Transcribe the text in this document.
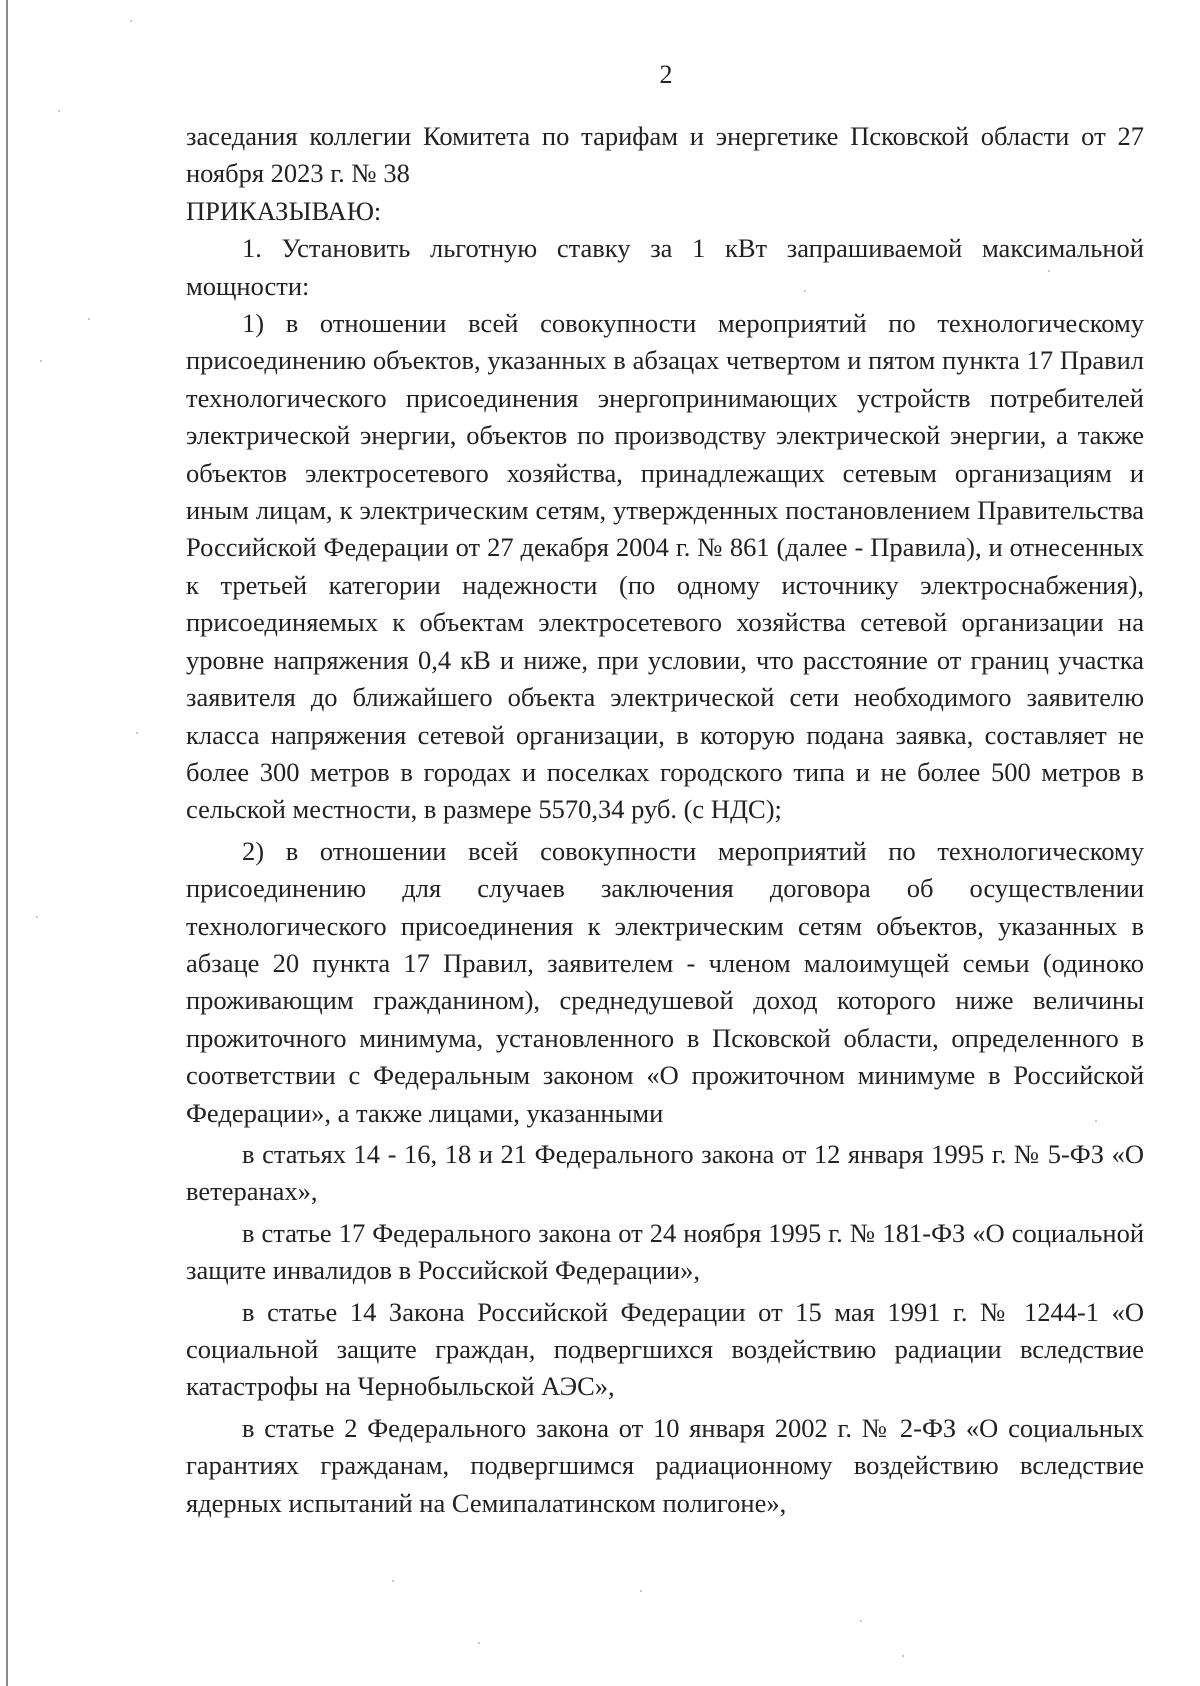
2

заседания коллегии Комитета по тарифам и энергетике Псковской области от 27 ноября 2023 г. № 38

ПРИКАЗЫВАЮ:

1. Установить льготную ставку за 1 кВт запрашиваемой максимальной мощности:

1) в отношении всей совокупности мероприятий по технологическому присоединению объектов, указанных в абзацах четвертом и пятом пункта 17 Правил технологического присоединения энергопринимающих устройств потребителей электрической энергии, объектов по производству электрической энергии, а также объектов электросетевого хозяйства, принадлежащих сетевым организациям и иным лицам, к электрическим сетям, утвержденных постановлением Правительства Российской Федерации от 27 декабря 2004 г. № 861 (далее - Правила), и отнесенных к третьей категории надежности (по одному источнику электроснабжения), присоединяемых к объектам электросетевого хозяйства сетевой организации на уровне напряжения 0,4 кВ и ниже, при условии, что расстояние от границ участка заявителя до ближайшего объекта электрической сети необходимого заявителю класса напряжения сетевой организации, в которую подана заявка, составляет не более 300 метров в городах и поселках городского типа и не более 500 метров в сельской местности, в размере 5570,34 руб. (с НДС);

2) в отношении всей совокупности мероприятий по технологическому присоединению для случаев заключения договора об осуществлении технологического присоединения к электрическим сетям объектов, указанных в абзаце 20 пункта 17 Правил, заявителем - членом малоимущей семьи (одиноко проживающим гражданином), среднедушевой доход которого ниже величины прожиточного минимума, установленного в Псковской области, определенного в соответствии с Федеральным законом «О прожиточном минимуме в Российской Федерации», а также лицами, указанными

в статьях 14 - 16, 18 и 21 Федерального закона от 12 января 1995 г. № 5-ФЗ «О ветеранах»,

в статье 17 Федерального закона от 24 ноября 1995 г. № 181-ФЗ «О социальной защите инвалидов в Российской Федерации»,

в статье 14 Закона Российской Федерации от 15 мая 1991 г. № 1244-1 «О социальной защите граждан, подвергшихся воздействию радиации вследствие катастрофы на Чернобыльской АЭС»,

в статье 2 Федерального закона от 10 января 2002 г. № 2-ФЗ «О социальных гарантиях гражданам, подвергшимся радиационному воздействию вследствие ядерных испытаний на Семипалатинском полигоне»,
